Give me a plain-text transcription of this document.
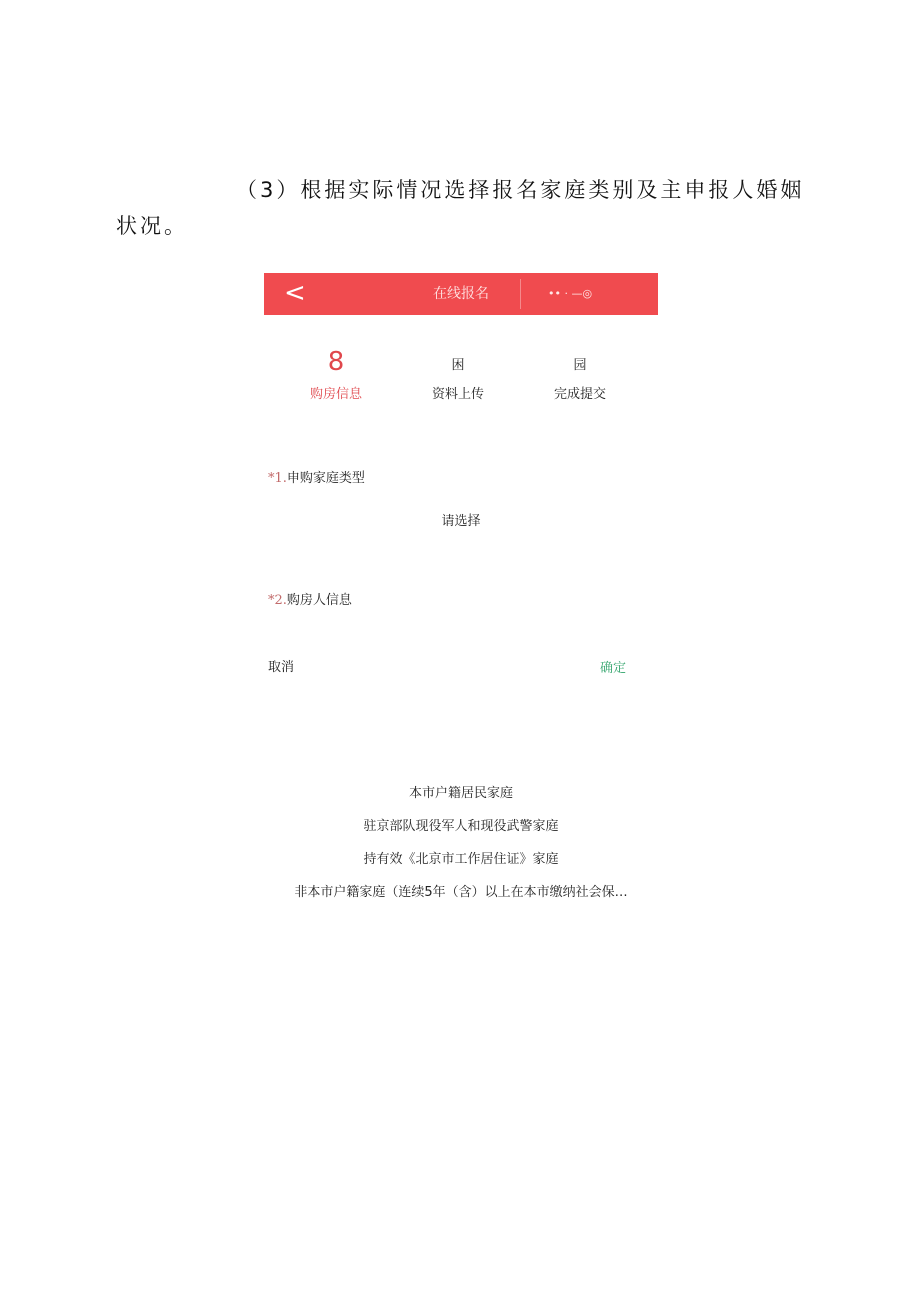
（3）根据实际情况选择报名家庭类别及主申报人婚姻状况。
<	在线报名	•• · —◎
8
购房信息
困
资料上传
园
完成提交
*1.申购家庭类型
请选择
*2.购房人信息
取消	确定
本市户籍居民家庭
驻京部队现役军人和现役武警家庭
持有效《北京市工作居住证》家庭
非本市户籍家庭（连续5年（含）以上在本市缴纳社会保…
